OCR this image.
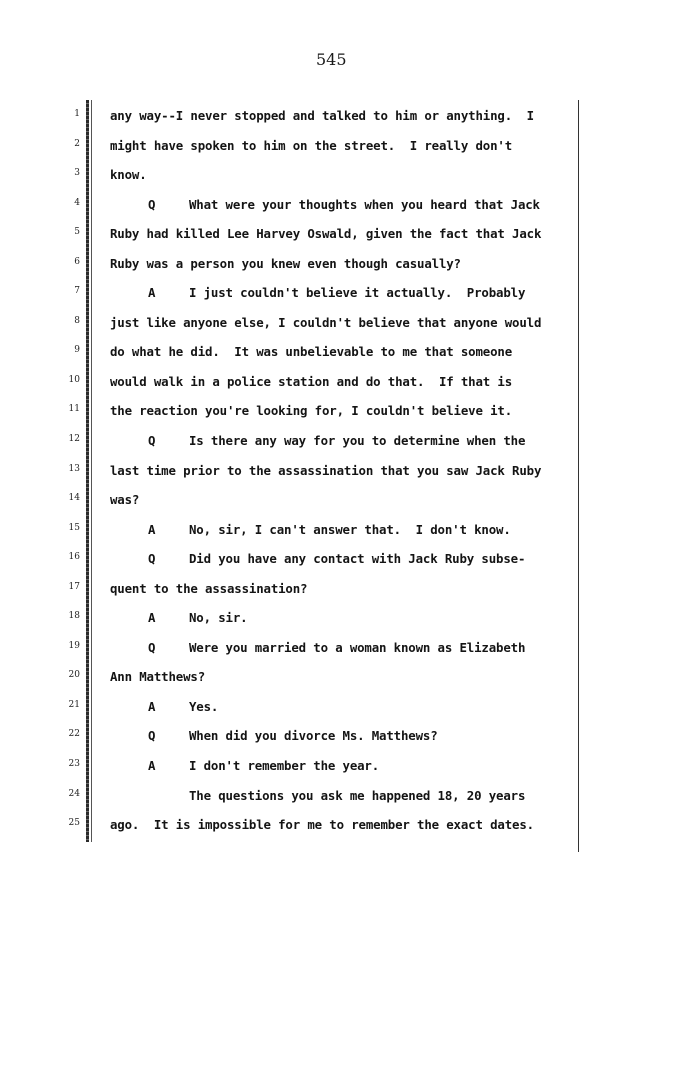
545
1
2
3
4
5
6
7
8
9
10
11
12
13
14
15
16
17
18
19
20
21
22
23
24
25
any way--I never stopped and talked to him or anything.  I
might have spoken to him on the street.  I really don't
know.
Q	What were your thoughts when you heard that Jack
Ruby had killed Lee Harvey Oswald, given the fact that Jack
Ruby was a person you knew even though casually?
A	I just couldn't believe it actually.  Probably
just like anyone else, I couldn't believe that anyone would
do what he did.  It was unbelievable to me that someone
would walk in a police station and do that.  If that is
the reaction you're looking for, I couldn't believe it.
Q	Is there any way for you to determine when the
last time prior to the assassination that you saw Jack Ruby
was?
A	No, sir, I can't answer that.  I don't know.
Q	Did you have any contact with Jack Ruby subse-
quent to the assassination?
A	No, sir.
Q	Were you married to a woman known as Elizabeth
Ann Matthews?
A	Yes.
Q	When did you divorce Ms. Matthews?
A	I don't remember the year.
The questions you ask me happened 18, 20 years
ago.  It is impossible for me to remember the exact dates.
